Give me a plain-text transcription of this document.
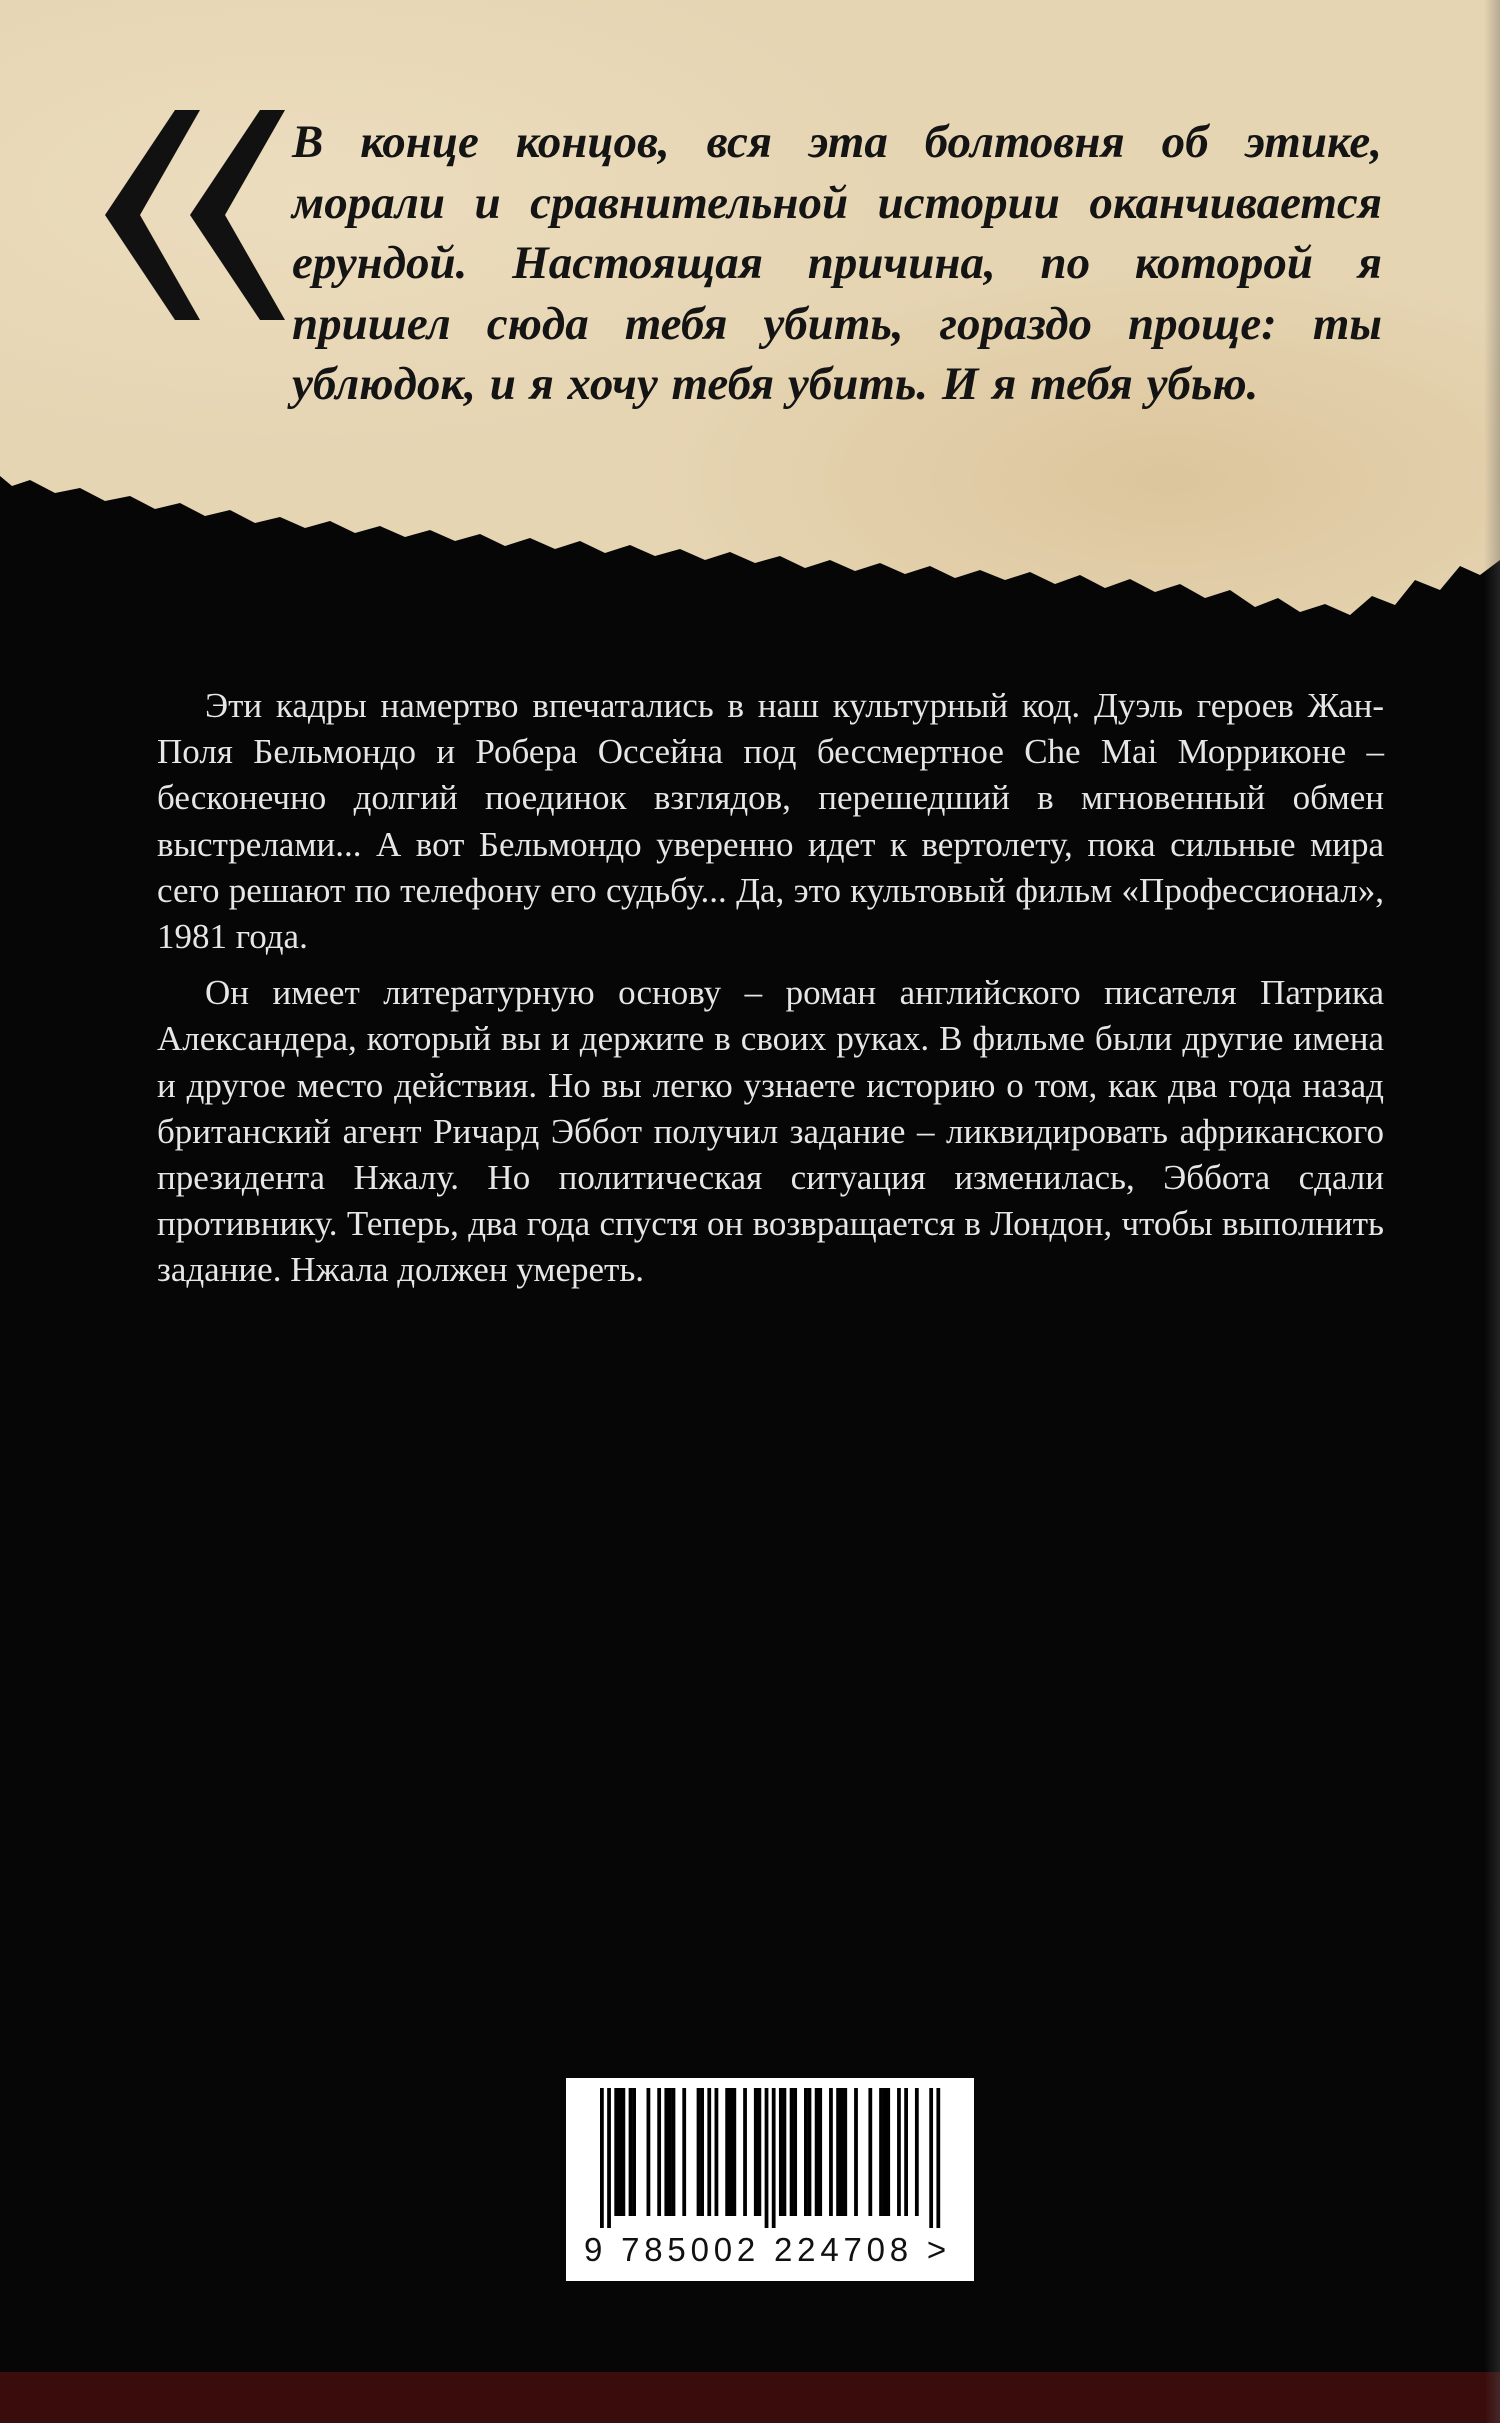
В конце концов, вся эта болтовня об этике, морали и сравнительной истории оканчивается ерундой. Настоящая причина, по которой я пришел сюда тебя убить, гораздо проще: ты ублюдок, и я хочу тебя убить. И я тебя убью.

Эти кадры намертво впечатались в наш культурный код. Дуэль героев Жан-Поля Бельмондо и Робера Оссейна под бессмертное Che Mai Морриконе – бесконечно долгий поединок взглядов, перешедший в мгновенный обмен выстрелами... А вот Бельмондо уверенно идет к вертолету, пока сильные мира сего решают по телефону его судьбу... Да, это культовый фильм «Профессионал», 1981 года.

Он имеет литературную основу – роман английского писателя Патрика Александера, который вы и держите в своих руках. В фильме были другие имена и другое место действия. Но вы легко узнаете историю о том, как два года назад британский агент Ричард Эббот получил задание – ликвидировать африканского президента Нжалу. Но политическая ситуация изменилась, Эббота сдали противнику. Теперь, два года спустя он возвращается в Лондон, чтобы выполнить задание. Нжала должен умереть.

9 785002 224708 >
